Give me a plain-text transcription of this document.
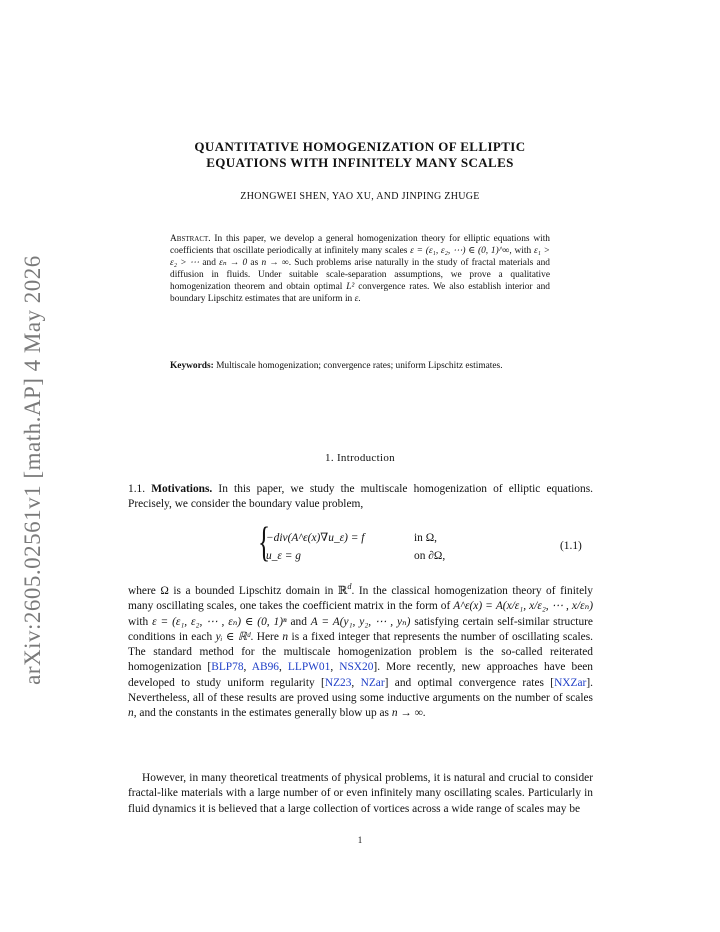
arXiv:2605.02561v1 [math.AP] 4 May 2026
QUANTITATIVE HOMOGENIZATION OF ELLIPTIC
EQUATIONS WITH INFINITELY MANY SCALES
ZHONGWEI SHEN, YAO XU, AND JINPING ZHUGE
Abstract. In this paper, we develop a general homogenization theory for elliptic equations with coefficients that oscillate periodically at infinitely many scales ε = (ε₁, ε₂, ⋯) ∈ (0, 1)^∞, with ε₁ > ε₂ > ⋯ and εₙ → 0 as n → ∞. Such problems arise naturally in the study of fractal materials and diffusion in fluids. Under suitable scale-separation assumptions, we prove a qualitative homogenization theorem and obtain optimal L² convergence rates. We also establish interior and boundary Lipschitz estimates that are uniform in ε.
Keywords: Multiscale homogenization; convergence rates; uniform Lipschitz estimates.
1. Introduction
1.1. Motivations. In this paper, we study the multiscale homogenization of elliptic equations. Precisely, we consider the boundary value problem,
{
−div(A^ε(x)∇u_ε) = f	in Ω,
u_ε = g	on ∂Ω,
(1.1)
where Ω is a bounded Lipschitz domain in ℝ$^d$. In the classical homogenization theory of finitely many oscillating scales, one takes the coefficient matrix in the form of A^ε(x) = A(x/ε₁, x/ε₂, ⋯ , x/εₙ) with ε = (ε₁, ε₂, ⋯ , εₙ) ∈ (0, 1)ⁿ and A = A(y₁, y₂, ⋯ , yₙ) satisfying certain self-similar structure conditions in each yᵢ ∈ ℝᵈ. Here n is a fixed integer that represents the number of oscillating scales. The standard method for the multiscale homogenization problem is the so-called reiterated homogenization [BLP78, AB96, LLPW01, NSX20]. More recently, new approaches have been developed to study uniform regularity [NZ23, NZar] and optimal convergence rates [NXZar]. Nevertheless, all of these results are proved using some inductive arguments on the number of scales n, and the constants in the estimates generally blow up as n → ∞.
However, in many theoretical treatments of physical problems, it is natural and crucial to consider fractal-like materials with a large number of or even infinitely many oscillating scales. Particularly in fluid dynamics it is believed that a large collection of vortices across a wide range of scales may be
1
